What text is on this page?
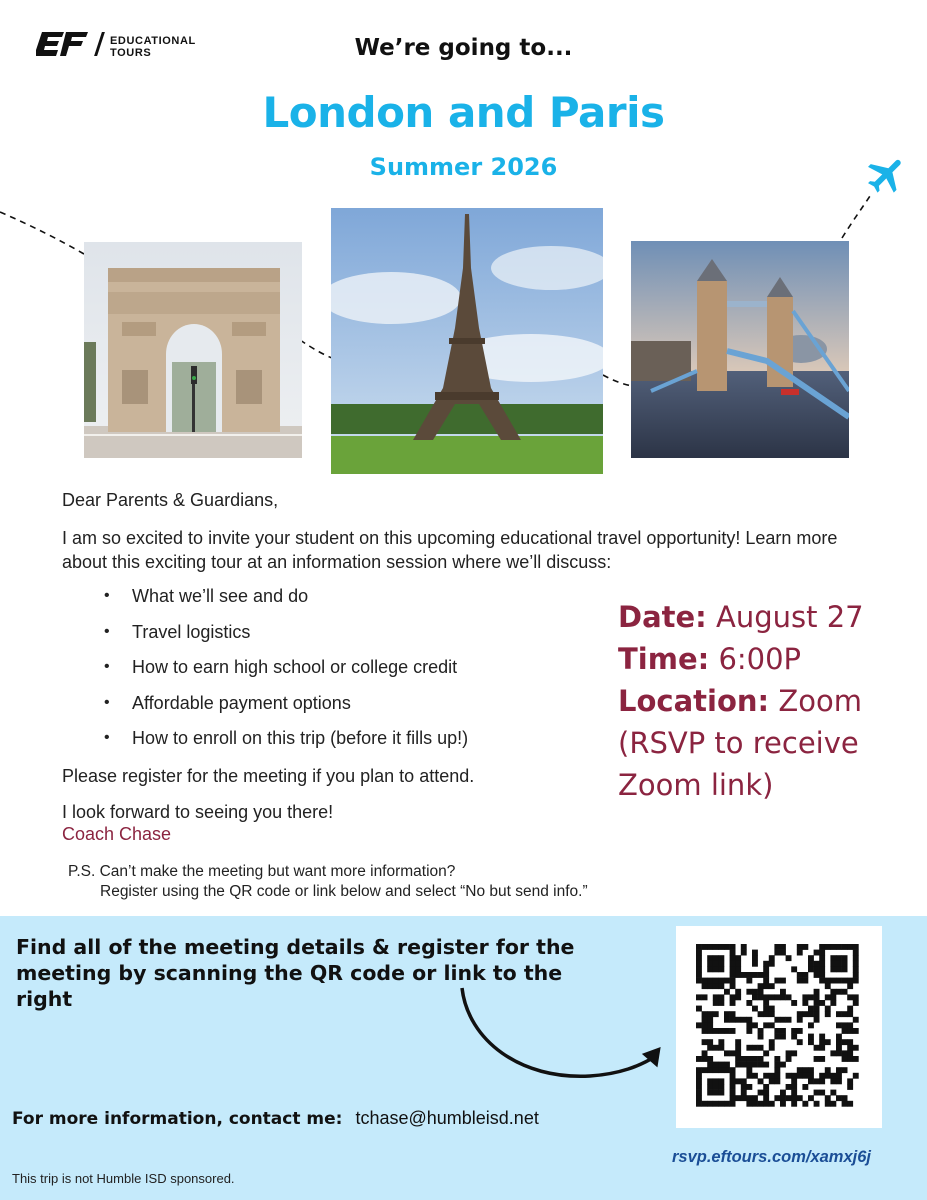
EDUCATIONAL
TOURS	We’re going to...
London and Paris
Summer 2026
Dear Parents & Guardians,
I am so excited to invite your student on this upcoming educational travel opportunity! Learn more about this exciting tour at an information session where we’ll discuss:
• What we’ll see and do
• Travel logistics
• How to earn high school or college credit
• Affordable payment options
• How to enroll on this trip (before it fills up!)
Please register for the meeting if you plan to attend.
I look forward to seeing you there!
Coach Chase
Date: August 27
Time: 6:00P
Location: Zoom
(RSVP to receive
Zoom link)
P.S. Can’t make the meeting but want more information?
Register using the QR code or link below and select “No but send info.”
Find all of the meeting details & register for the
meeting by scanning the QR code or link to the right
For more information, contact me: tchase@humbleisd.net
rsvp.eftours.com/xamxj6j
This trip is not Humble ISD sponsored.
